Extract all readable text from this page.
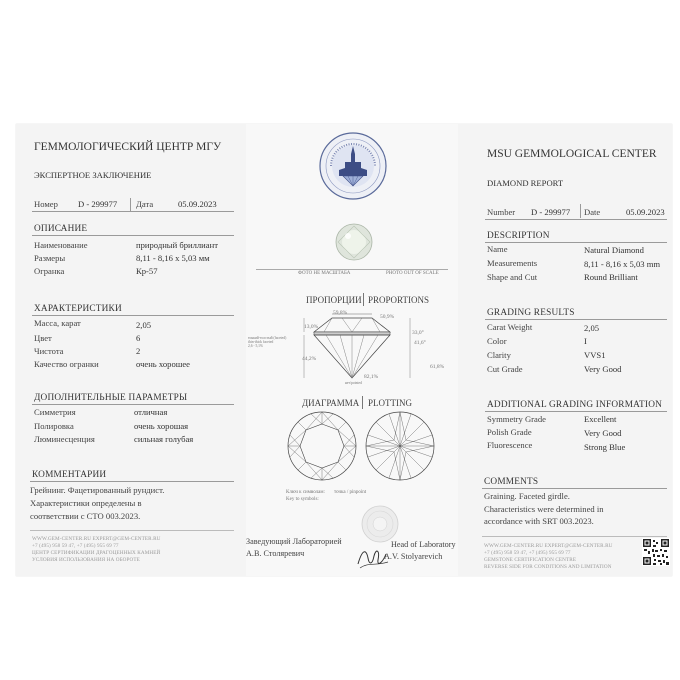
ГЕММОЛОГИЧЕСКИЙ ЦЕНТР МГУ
ЭКСПЕРТНОЕ ЗАКЛЮЧЕНИЕ
Номер D - 299977 Дата	05.09.2023
ОПИСАНИЕ
Наименование	природный бриллиант
Размеры	8,11 - 8,16 x 5,03 мм
Огранка	Кр-57
ХАРАКТЕРИСТИКИ
Масса, карат	2,05
Цвет	6
Чистота	2
Качество огранки	очень хорошее
ДОПОЛНИТЕЛЬНЫЕ ПАРАМЕТРЫ
Симметрия	отличная
Полировка	очень хорошая
Люминесценция	сильная голубая
КОММЕНТАРИИ
Грейнинг. Фацетированный рундист.
Характеристики определены в
соответствии с СТО 003.2023.
WWW.GEM-CENTER.RU EXPERT@GEM-CENTER.RU
+7 (495) 958 59 47, +7 (495) 955 69 77
ЦЕНТР СЕРТИФИКАЦИИ ДРАГОЦЕННЫХ КАМНЕЙ
УСЛОВИЯ ИСПОЛЬЗОВАНИЯ НА ОБОРОТЕ
ФОТО НЕ МАСШТАБА	PHOTO OUT OF SCALE
ПРОПОРЦИИ PROPORTIONS
59,8%
50,9%
13,0%
33,0°
41,6°
тонкий-толстый (faceted)
thin-thick faceted
2,6 - 5,1%
44,2%
61,8%
82,1%
нет/pointed
ДИАГРАММА PLOTTING
Ключ к символам: точка / pinpoint
Key to symbols:
Заведующий Лабораторией
А.В. Столяревич
Head of Laboratory
A.V. Stolyarevich
MSU GEMMOLOGICAL CENTER
DIAMOND REPORT
Number D - 299977 Date	05.09.2023
DESCRIPTION
Name	Natural Diamond
Measurements	8,11 - 8,16 x 5,03 mm
Shape and Cut	Round Brilliant
GRADING RESULTS
Carat Weight	2,05
Color	I
Clarity	VVS1
Cut Grade	Very Good
ADDITIONAL GRADING INFORMATION
Symmetry Grade	Excellent
Polish Grade	Very Good
Fluorescence	Strong Blue
COMMENTS
Graining. Faceted girdle.
Characteristics were determined in
accordance with SRT 003.2023.
WWW.GEM-CENTER.RU EXPERT@GEM-CENTER.RU
+7 (495) 958 59 47, +7 (495) 955 69 77
GEMSTONE CERTIFICATION CENTRE
REVERSE SIDE FOR CONDITIONS AND LIMITATION
